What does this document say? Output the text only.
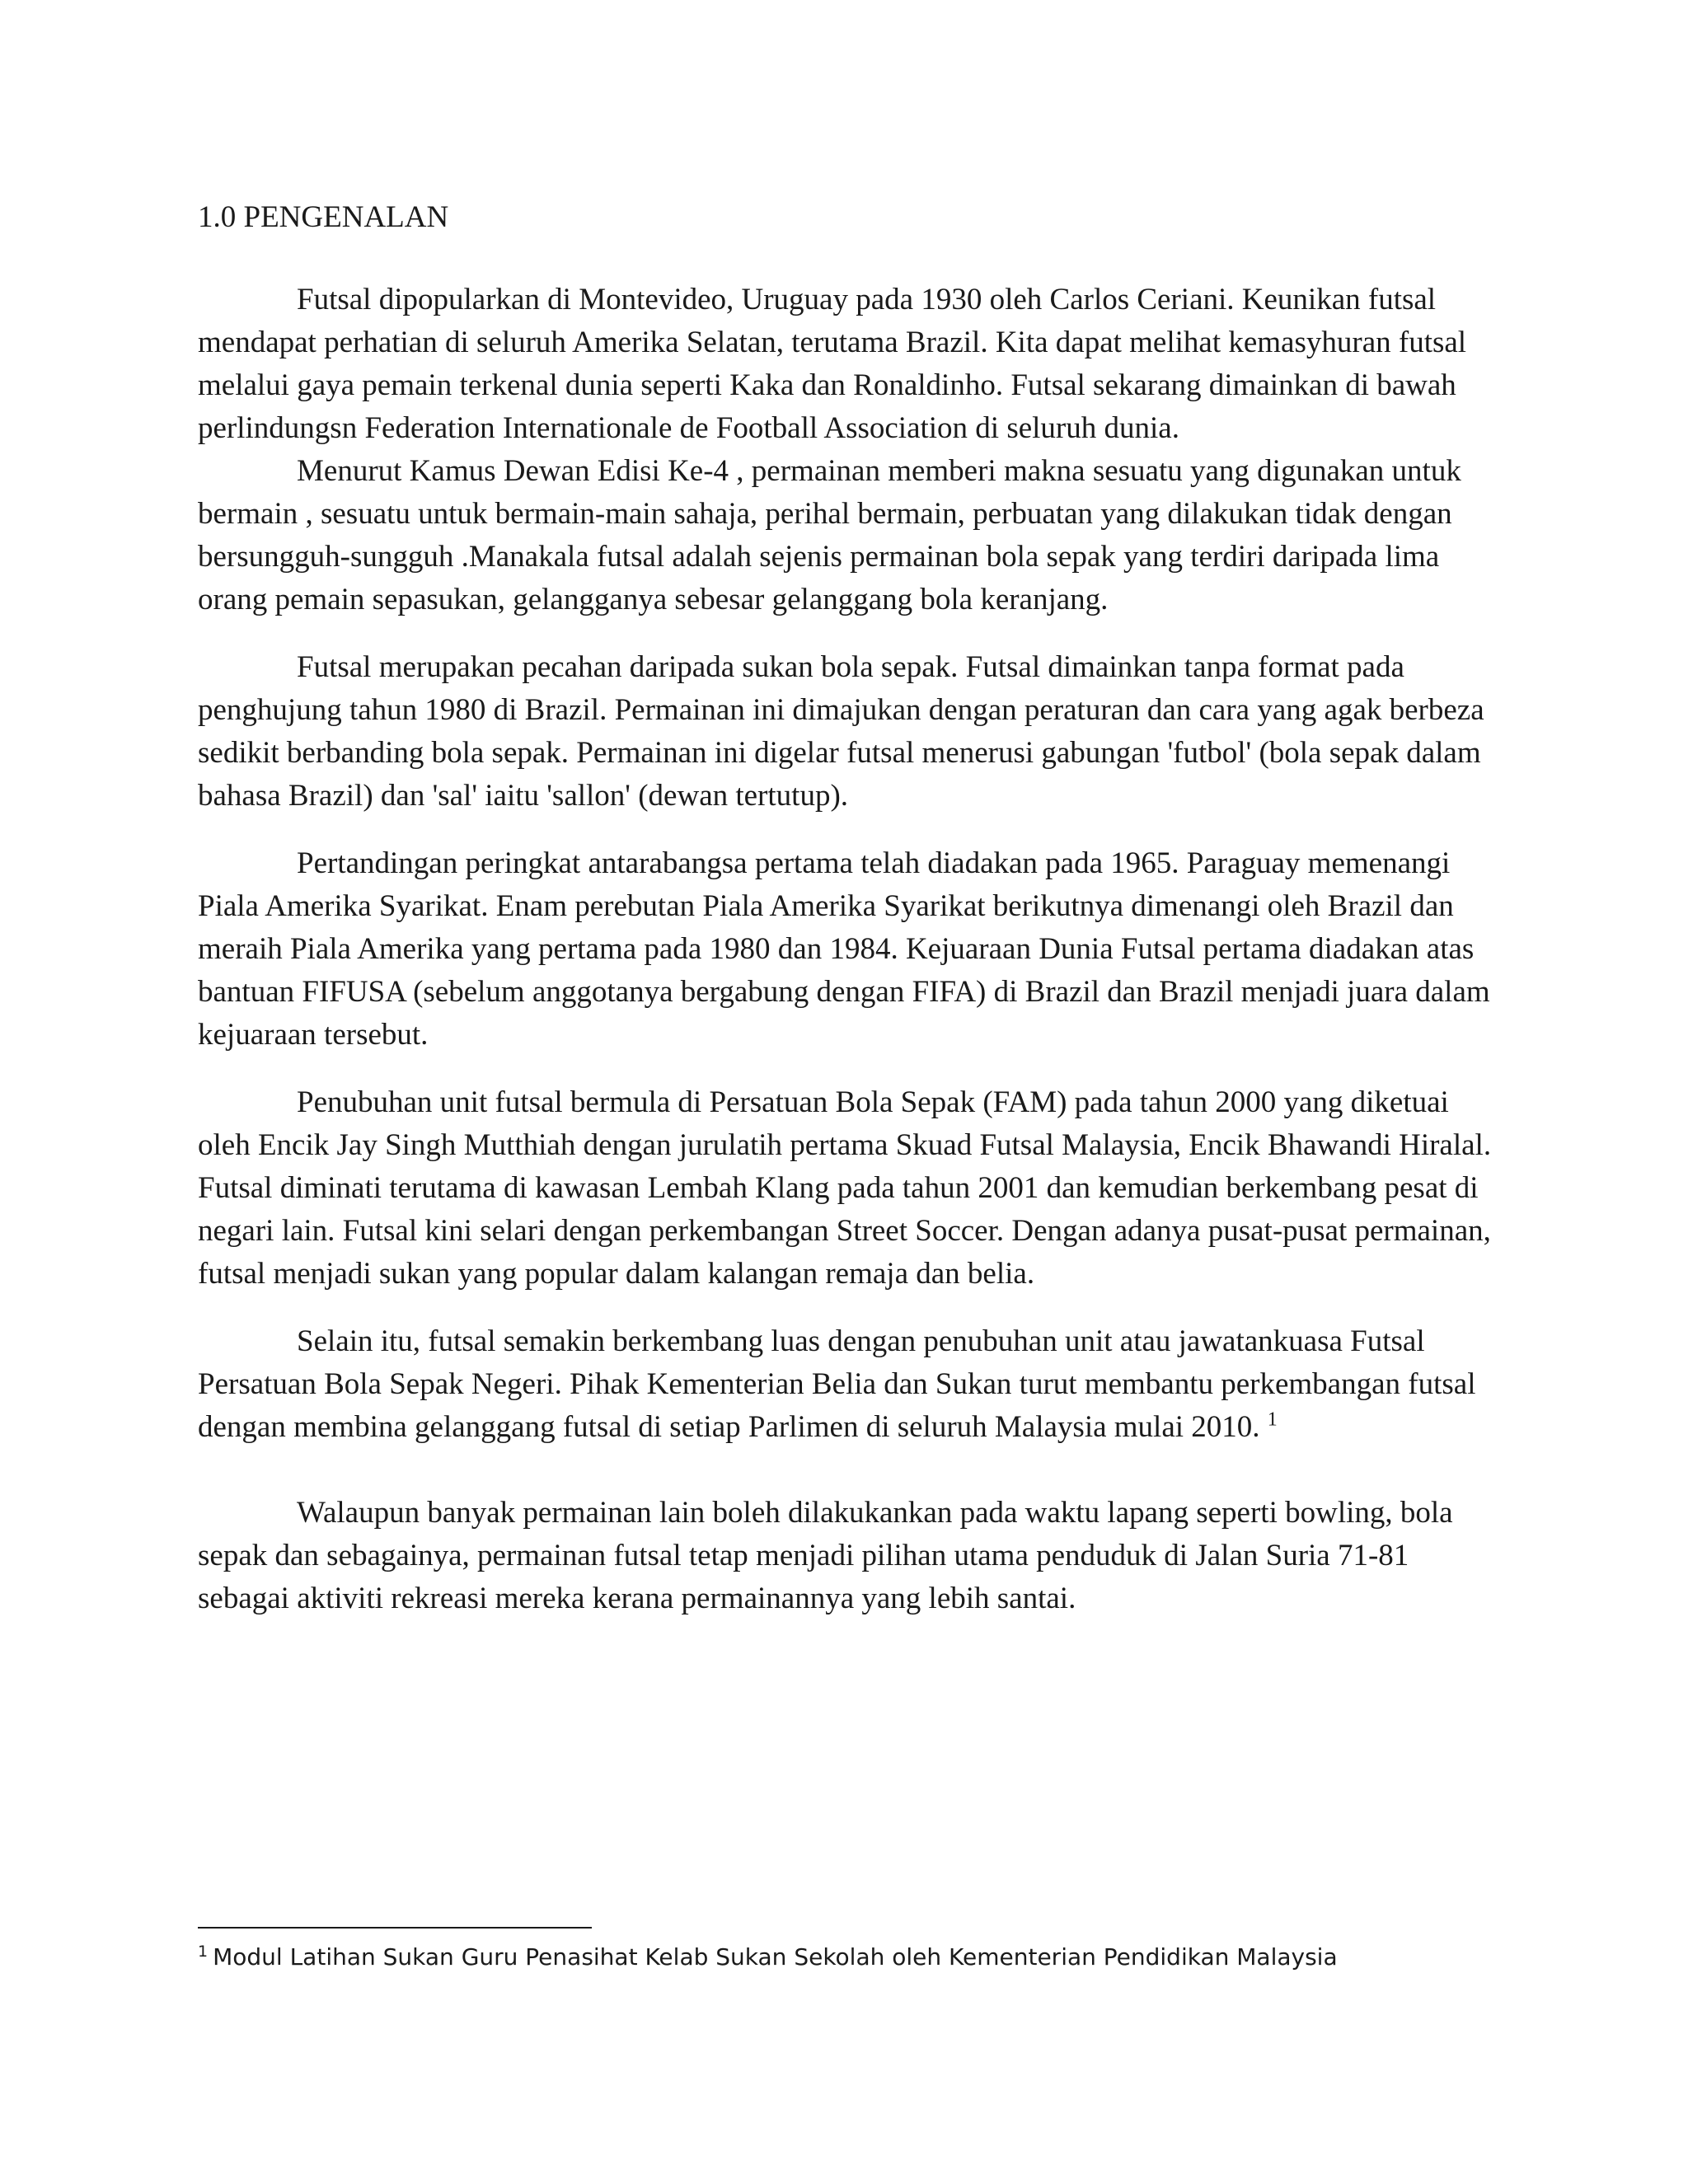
1.0 PENGENALAN

Futsal dipopularkan di Montevideo, Uruguay pada 1930 oleh Carlos Ceriani. Keunikan futsal mendapat perhatian di seluruh Amerika Selatan, terutama Brazil. Kita dapat melihat kemasyhuran futsal melalui gaya pemain terkenal dunia seperti Kaka dan Ronaldinho. Futsal sekarang dimainkan di bawah perlindungsn Federation Internationale de Football Association di seluruh dunia.

Menurut Kamus Dewan Edisi Ke-4 , permainan memberi makna sesuatu yang digunakan untuk bermain , sesuatu untuk bermain-main sahaja, perihal bermain, perbuatan yang dilakukan tidak dengan bersungguh-sungguh .Manakala futsal adalah sejenis permainan bola sepak yang terdiri daripada lima orang pemain sepasukan, gelangganya sebesar gelanggang bola keranjang.

Futsal merupakan pecahan daripada sukan bola sepak. Futsal dimainkan tanpa format pada penghujung tahun 1980 di Brazil. Permainan ini dimajukan dengan peraturan dan cara yang agak berbeza sedikit berbanding bola sepak. Permainan ini digelar futsal menerusi gabungan 'futbol' (bola sepak dalam bahasa Brazil) dan 'sal' iaitu 'sallon' (dewan tertutup).

Pertandingan peringkat antarabangsa pertama telah diadakan pada 1965. Paraguay memenangi Piala Amerika Syarikat. Enam perebutan Piala Amerika Syarikat berikutnya dimenangi oleh Brazil dan meraih Piala Amerika yang pertama pada 1980 dan 1984. Kejuaraan Dunia Futsal pertama diadakan atas bantuan FIFUSA (sebelum anggotanya bergabung dengan FIFA) di Brazil dan Brazil menjadi juara dalam kejuaraan tersebut.

Penubuhan unit futsal bermula di Persatuan Bola Sepak (FAM) pada tahun 2000 yang diketuai oleh Encik Jay Singh Mutthiah dengan jurulatih pertama Skuad Futsal Malaysia, Encik Bhawandi Hiralal. Futsal diminati terutama di kawasan Lembah Klang pada tahun 2001 dan kemudian berkembang pesat di negari lain. Futsal kini selari dengan perkembangan Street Soccer. Dengan adanya pusat-pusat permainan, futsal menjadi sukan yang popular dalam kalangan remaja dan belia.

Selain itu, futsal semakin berkembang luas dengan penubuhan unit atau jawatankuasa Futsal Persatuan Bola Sepak Negeri. Pihak Kementerian Belia dan Sukan turut membantu perkembangan futsal dengan membina gelanggang futsal di setiap Parlimen di seluruh Malaysia mulai 2010. $^1$

Walaupun banyak permainan lain boleh dilakukankan pada waktu lapang seperti bowling, bola sepak dan sebagainya, permainan futsal tetap menjadi pilihan utama penduduk di Jalan Suria 71-81 sebagai aktiviti rekreasi mereka kerana permainannya yang lebih santai.

$^1$ Modul Latihan Sukan Guru Penasihat Kelab Sukan Sekolah oleh Kementerian Pendidikan Malaysia
